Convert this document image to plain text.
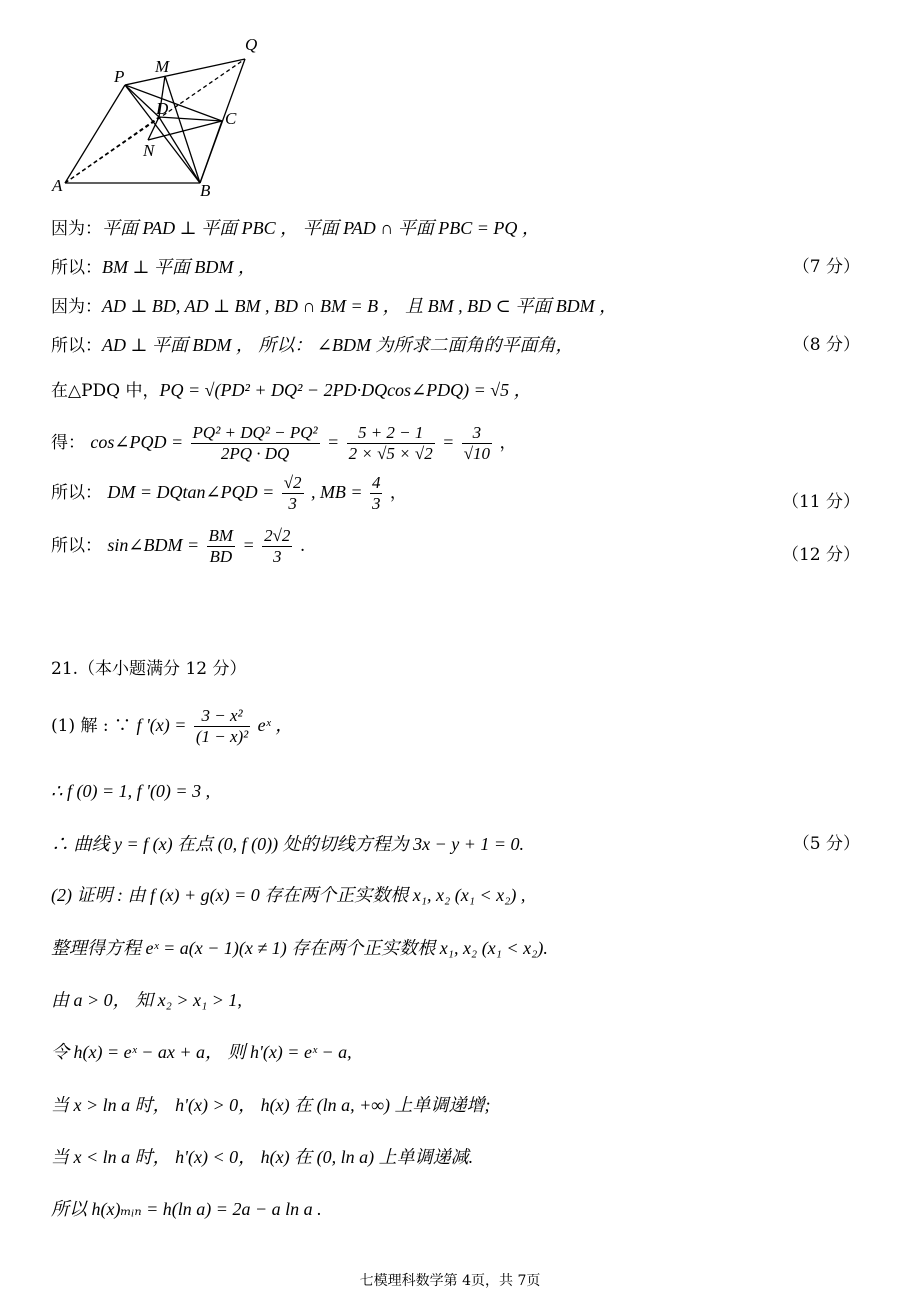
P
M
Q
D
C
N
A	B
因为：平面 PAD ⊥ 平面 PBC ， 平面 PAD ∩ 平面 PBC = PQ ，
所以：BM ⊥ 平面 BDM ，	（7 分）
因为：AD ⊥ BD, AD ⊥ BM , BD ∩ BM = B ， 且 BM , BD ⊂ 平面 BDM ，
所以：AD ⊥ 平面 BDM ， 所以： ∠BDM 为所求二面角的平面角，	（8 分）
在△PDQ 中，PQ = √(PD² + DQ² − 2PD·DQcos∠PDQ) = √5 ，
得： cos∠PQD = $\frac{\text{PQ² + DQ² − PQ²}}{2PQ \cdot DQ} = \frac{5 + 2 - 1}{2 \times √5 \times √2} = \frac{3}{√10}$ ，
所以： DM = DQtan∠PQD = $\frac{√2}{3}$ , MB = $\frac{4}{3}$ ，	（11 分）
所以： sin∠BDM = $\frac{BM}{BD} = \frac{2√2}{3}$ .	（12 分）
21.（本小题满分 12 分）
(1) 解 : ∵ f '$(x) = \frac{\text{3 − x²}}{\text{(1 − x)²}}$ eˣ ，
∴ f (0) = 1, f '(0) = 3 ,
∴ 曲线 y = f (x) 在点 (0, f (0)) 处的切线方程为 3x − y + 1 = 0.	（5 分）
(2) 证明 : 由 f (x) + g(x) = 0 存在两个正实数根 x₁, x₂ (x₁ < x₂) ,
整理得方程 eˣ = a(x − 1)(x ≠ 1) 存在两个正实数根 x₁, x₂ (x₁ < x₂).
由 a > 0， 知 x₂ > x₁ > 1,
令 h(x) = eˣ − ax + a， 则 h'(x) = eˣ − a,
当 x > ln a 时， h'(x) > 0， h(x) 在 (ln a, +∞) 上单调递增;
当 x < ln a 时， h'(x) < 0， h(x) 在 (0, ln a) 上单调递减.
所以 h(x)ₘᵢₙ = h(ln a) = 2a − a ln a .
七模理科数学第 4页，共 7页
